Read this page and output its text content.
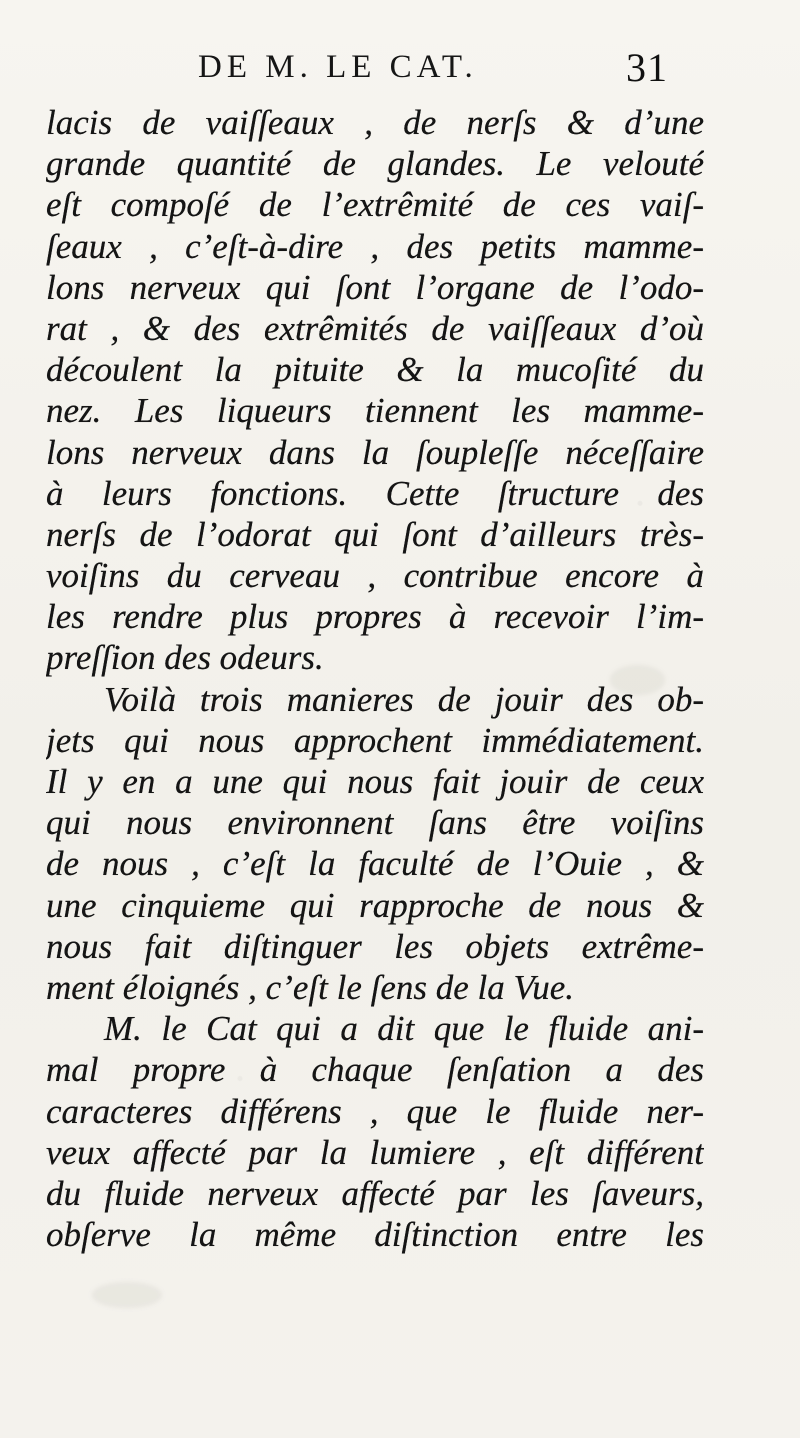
DE M. LE CAT.	31
lacis de vaiſſeaux , de nerſs & d’une
grande quantité de glandes. Le velouté
eſt compoſé de l’extrêmité de ces vaiſ-
ſeaux , c’eſt-à-dire , des petits mamme-
lons nerveux qui ſont l’organe de l’odo-
rat , & des extrêmités de vaiſſeaux d’où
découlent la pituite & la mucoſité du
nez. Les liqueurs tiennent les mamme-
lons nerveux dans la ſoupleſſe néceſſaire
à leurs fonctions. Cette ſtructure des
nerſs de l’odorat qui ſont d’ailleurs très-
voiſins du cerveau , contribue encore à
les rendre plus propres à recevoir l’im-
preſſion des odeurs.
Voilà trois manieres de jouir des ob-
jets qui nous approchent immédiatement.
Il y en a une qui nous fait jouir de ceux
qui nous environnent ſans être voiſins
de nous , c’eſt la faculté de l’Ouie , &
une cinquieme qui rapproche de nous &
nous fait diſtinguer les objets extrême-
ment éloignés , c’eſt le ſens de la Vue.
M. le Cat qui a dit que le fluide ani-
mal propre à chaque ſenſation a des
caracteres différens , que le fluide ner-
veux affecté par la lumiere , eſt différent
du fluide nerveux affecté par les ſaveurs,
obſerve la même diſtinction entre les
